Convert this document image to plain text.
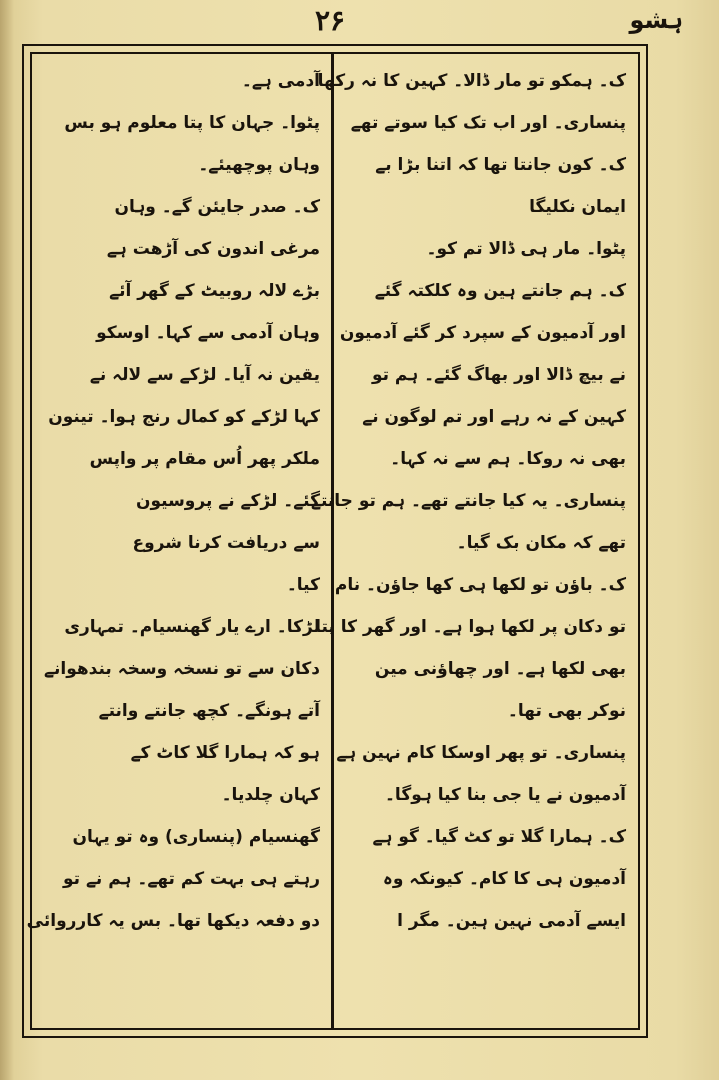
۲۶	ہشو
ک۔ ہمکو تو مار ڈالا۔ کہین کا نہ رکھا
پنساری۔ اور اب تک کیا سوتے تھے
ک۔ کون جانتا تھا کہ اتنا بڑا بے
ایمان نکلیگا
پٹوا۔ مار ہی ڈالا تم کو۔
ک۔ ہم جانتے ہین وہ کلکتہ گئے
اور آدمیون کے سپرد کر گئے آدمیون
نے بیچ ڈالا اور بھاگ گئے۔ ہم تو
کہین کے نہ رہے اور تم لوگون نے
بھی نہ روکا۔ ہم سے نہ کہا۔
پنساری۔ یہ کیا جانتے تھے۔ ہم تو جانتے
تھے کہ مکان بک گیا۔
ک۔ باؤن تو لکھا ہی کھا جاؤن۔ نام
تو دکان پر لکھا ہوا ہے۔ اور گھر کا پتا
بھی لکھا ہے۔ اور چھاؤنی مین
نوکر بھی تھا۔
پنساری۔ تو پھر اوسکا کام نہین ہے
آدمیون نے یا جی بنا کیا ہوگا۔
ک۔ ہمارا گلا تو کٹ گیا۔ گو ہے
آدمیون ہی کا کام۔ کیونکہ وہ
ایسے آدمی نہین ہین۔ مگر ا
آدمی ہے۔
پٹوا۔ جہان کا پتا معلوم ہو بس
وہان پوچھیئے۔
ک۔ صدر جایئن گے۔ وہان
مرغی اندون کی آڑھت ہے
بڑے لالہ روبیٹ کے گھر آئے
وہان آدمی سے کہا۔ اوسکو
یقین نہ آیا۔ لڑکے سے لالہ نے
کہا لڑکے کو کمال رنج ہوا۔ تینون
ملکر پھر اُس مقام پر واپس
گئے۔ لڑکے نے پروسیون
سے دریافت کرنا شروع
کیا۔
لڑکا۔ ارے یار گھنسیام۔ تمہاری
دکان سے تو نسخہ وسخہ بندھوانے
آتے ہونگے۔ کچھ جانتے وانتے
ہو کہ ہمارا گلا کاٹ کے
کہان چلدیا۔
گھنسیام (پنساری) وہ تو یہان
رہتے ہی بہت کم تھے۔ ہم نے تو
دو دفعہ دیکھا تھا۔ بس یہ کارروائی
